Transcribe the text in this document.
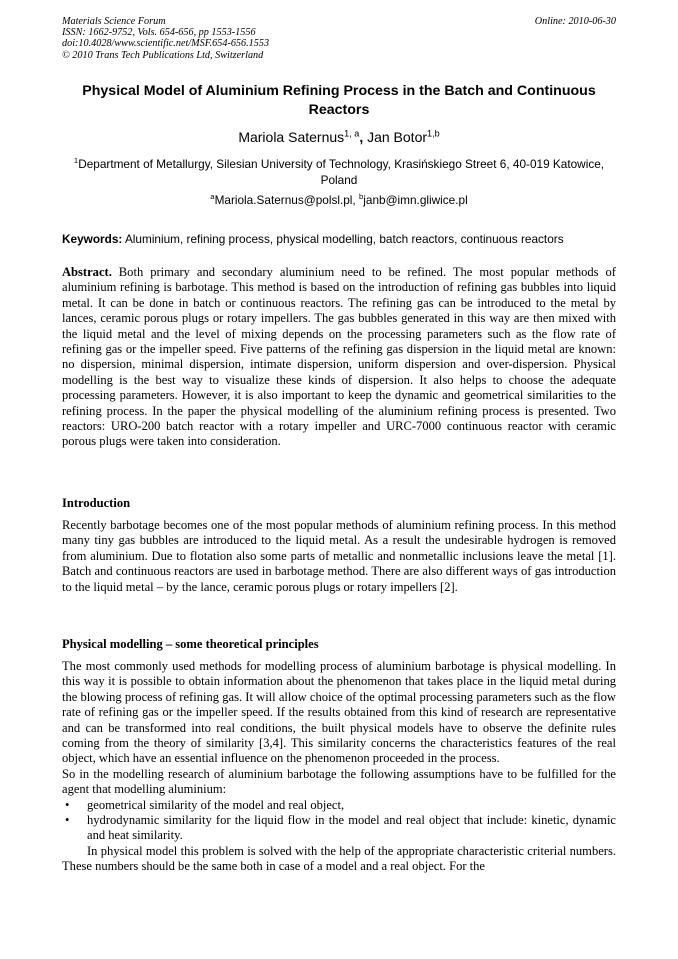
Materials Science Forum
ISSN: 1662-9752, Vols. 654-656, pp 1553-1556
doi:10.4028/www.scientific.net/MSF.654-656.1553
© 2010 Trans Tech Publications Ltd, Switzerland
Online: 2010-06-30
Physical Model of Aluminium Refining Process in the Batch and Continuous Reactors
Mariola Saternus$^{1, a}$, Jan Botor$^{1,b}$
$^1$Department of Metallurgy, Silesian University of Technology, Krasińskiego Street 6, 40-019 Katowice, Poland
$^a$Mariola.Saternus@polsl.pl, $^b$janb@imn.gliwice.pl
Keywords: Aluminium, refining process, physical modelling, batch reactors, continuous reactors
Abstract. Both primary and secondary aluminium need to be refined. The most popular methods of aluminium refining is barbotage. This method is based on the introduction of refining gas bubbles into liquid metal. It can be done in batch or continuous reactors. The refining gas can be introduced to the metal by lances, ceramic porous plugs or rotary impellers. The gas bubbles generated in this way are then mixed with the liquid metal and the level of mixing depends on the processing parameters such as the flow rate of refining gas or the impeller speed. Five patterns of the refining gas dispersion in the liquid metal are known: no dispersion, minimal dispersion, intimate dispersion, uniform dispersion and over-dispersion. Physical modelling is the best way to visualize these kinds of dispersion. It also helps to choose the adequate processing parameters. However, it is also important to keep the dynamic and geometrical similarities to the refining process. In the paper the physical modelling of the aluminium refining process is presented. Two reactors: URO-200 batch reactor with a rotary impeller and URC-7000 continuous reactor with ceramic porous plugs were taken into consideration.
Introduction
Recently barbotage becomes one of the most popular methods of aluminium refining process. In this method many tiny gas bubbles are introduced to the liquid metal. As a result the undesirable hydrogen is removed from aluminium. Due to flotation also some parts of metallic and nonmetallic inclusions leave the metal [1]. Batch and continuous reactors are used in barbotage method. There are also different ways of gas introduction to the liquid metal – by the lance, ceramic porous plugs or rotary impellers [2].
Physical modelling – some theoretical principles

The most commonly used methods for modelling process of aluminium barbotage is physical modelling. In this way it is possible to obtain information about the phenomenon that takes place in the liquid metal during the blowing process of refining gas. It will allow choice of the optimal processing parameters such as the flow rate of refining gas or the impeller speed. If the results obtained from this kind of research are representative and can be transformed into real conditions, the built physical models have to observe the definite rules coming from the theory of similarity [3,4]. This similarity concerns the characteristics features of the real object, which have an essential influence on the phenomenon proceeded in the process.

So in the modelling research of aluminium barbotage the following assumptions have to be fulfilled for the agent that modelling aluminium:

• geometrical similarity of the model and real object,
• hydrodynamic similarity for the liquid flow in the model and real object that include: kinetic, dynamic and heat similarity.

In physical model this problem is solved with the help of the appropriate characteristic criterial numbers. These numbers should be the same both in case of a model and a real object. For the
